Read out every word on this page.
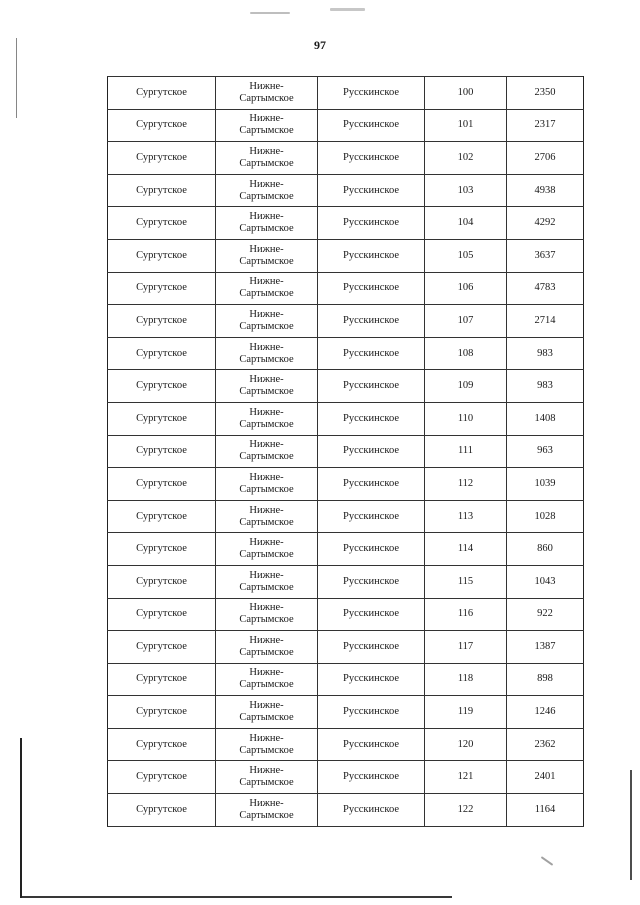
97
Сургутское	Нижне-
Сартымское	Русскинское	100	2350
Сургутское	Нижне-
Сартымское	Русскинское	101	2317
Сургутское	Нижне-
Сартымское	Русскинское	102	2706
Сургутское	Нижне-
Сартымское	Русскинское	103	4938
Сургутское	Нижне-
Сартымское	Русскинское	104	4292
Сургутское	Нижне-
Сартымское	Русскинское	105	3637
Сургутское	Нижне-
Сартымское	Русскинское	106	4783
Сургутское	Нижне-
Сартымское	Русскинское	107	2714
Сургутское	Нижне-
Сартымское	Русскинское	108	983
Сургутское	Нижне-
Сартымское	Русскинское	109	983
Сургутское	Нижне-
Сартымское	Русскинское	110	1408
Сургутское	Нижне-
Сартымское	Русскинское	111	963
Сургутское	Нижне-
Сартымское	Русскинское	112	1039
Сургутское	Нижне-
Сартымское	Русскинское	113	1028
Сургутское	Нижне-
Сартымское	Русскинское	114	860
Сургутское	Нижне-
Сартымское	Русскинское	115	1043
Сургутское	Нижне-
Сартымское	Русскинское	116	922
Сургутское	Нижне-
Сартымское	Русскинское	117	1387
Сургутское	Нижне-
Сартымское	Русскинское	118	898
Сургутское	Нижне-
Сартымское	Русскинское	119	1246
Сургутское	Нижне-
Сартымское	Русскинское	120	2362
Сургутское	Нижне-
Сартымское	Русскинское	121	2401
Сургутское	Нижне-
Сартымское	Русскинское	122	1164
